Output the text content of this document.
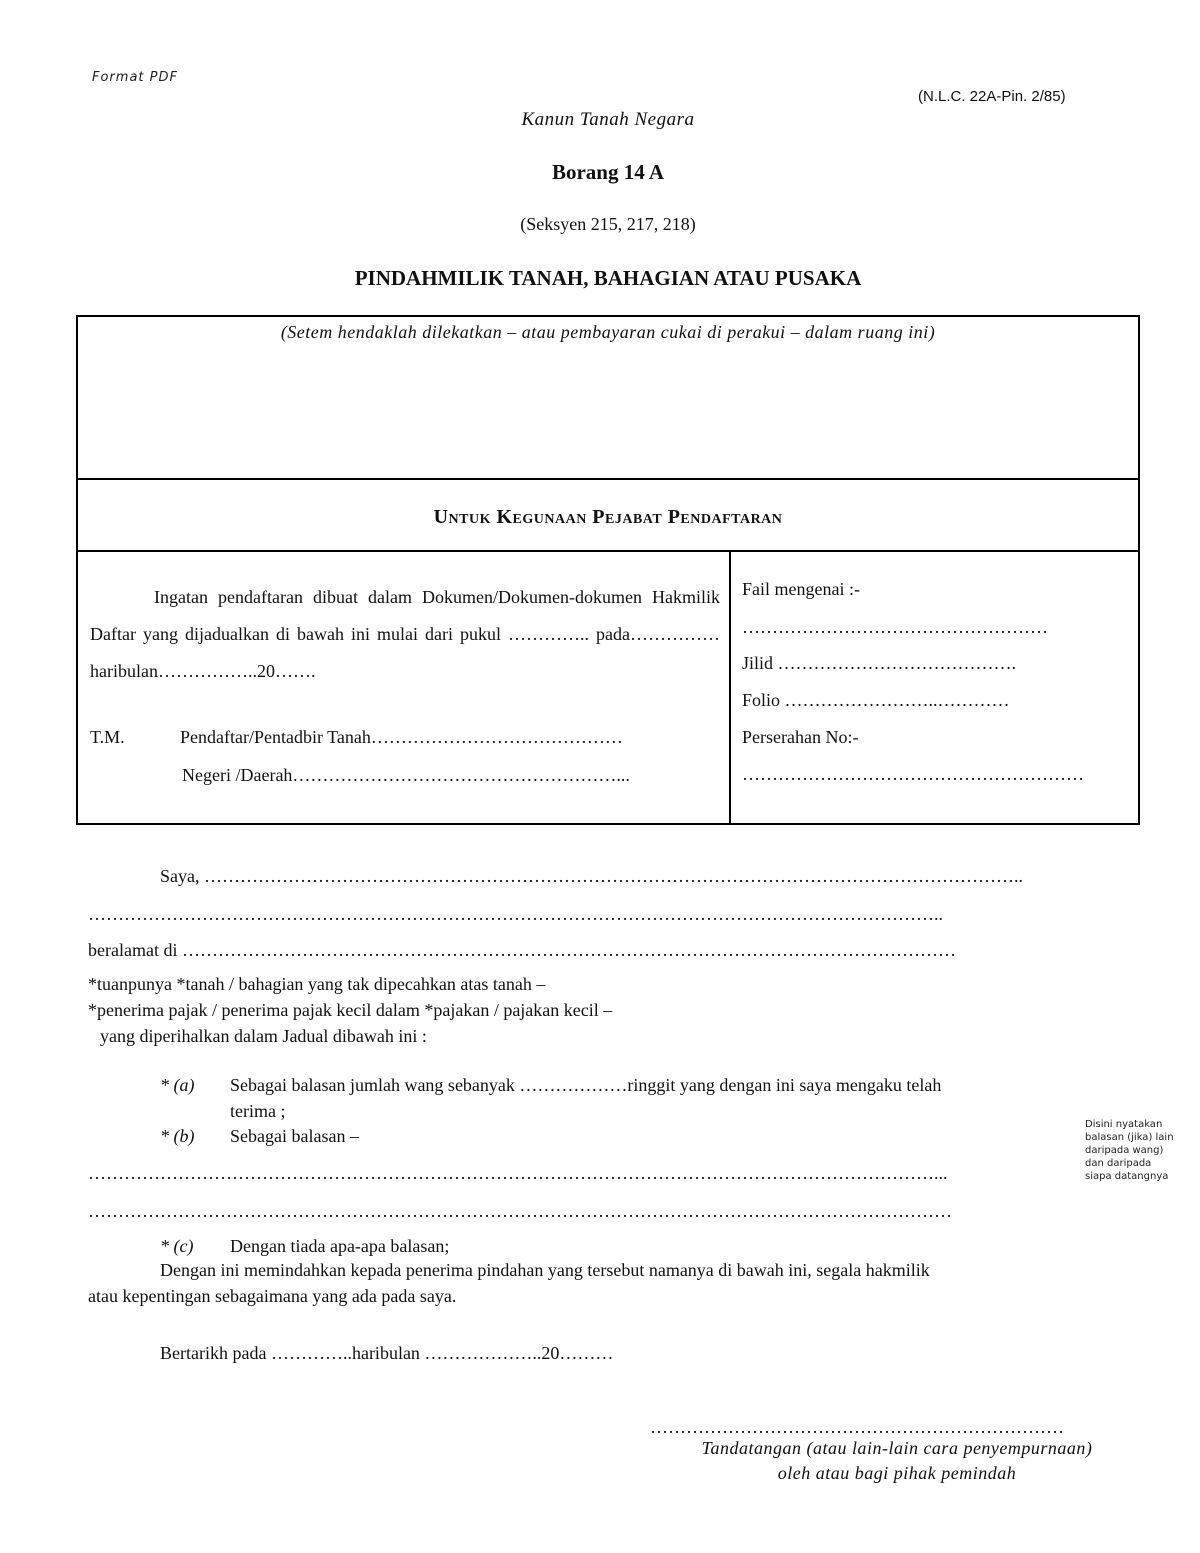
Format PDF
(N.L.C. 22A-Pin. 2/85)
Kanun Tanah Negara
Borang 14 A
(Seksyen 215, 217, 218)
PINDAHMILIK TANAH, BAHAGIAN ATAU PUSAKA
(Setem hendaklah dilekatkan – atau pembayaran cukai di perakui – dalam ruang ini)
Untuk Kegunaan Pejabat Pendaftaran
Ingatan pendaftaran dibuat dalam Dokumen/Dokumen-dokumen Hakmilik Daftar yang dijadualkan di bawah ini mulai dari pukul ………….. pada…………… haribulan……………..20…….
T.M.	Pendaftar/Pentadbir Tanah……………………………………
Negeri /Daerah………………………………………………...
Fail mengenai :-
……………………………………………
Jilid ………………………………….
Folio ……………………..…………
Perserahan No:-
…………………………………………………
Saya, ………………………………………………………………………………………………………………………..
……………………………………………………………………………………………………………………………..
beralamat di …………………………………………………………………………………………………………………
*tuanpunya *tanah / bahagian yang tak dipecahkan atas tanah –
*penerima pajak / penerima pajak kecil dalam *pajakan / pajakan kecil –
yang diperihalkan dalam Jadual dibawah ini :
* (a) Sebagai balasan jumlah wang sebanyak ………………ringgit yang dengan ini saya mengaku telah
terima ;
* (b) Sebagai balasan –
……………………………………………………………………………………………………………………………...
………………………………………………………………………………………………………………………………
Disini nyatakan balasan (jika) lain daripada wang) dan daripada siapa datangnya
* (c) Dengan tiada apa-apa balasan;
Dengan ini memindahkan kepada penerima pindahan yang tersebut namanya di bawah ini, segala hakmilik
atau kepentingan sebagaimana yang ada pada saya.
Bertarikh pada …………..haribulan ………………..20………
……………………………………………………………
Tandatangan (atau lain-lain cara penyempurnaan)
oleh atau bagi pihak pemindah
